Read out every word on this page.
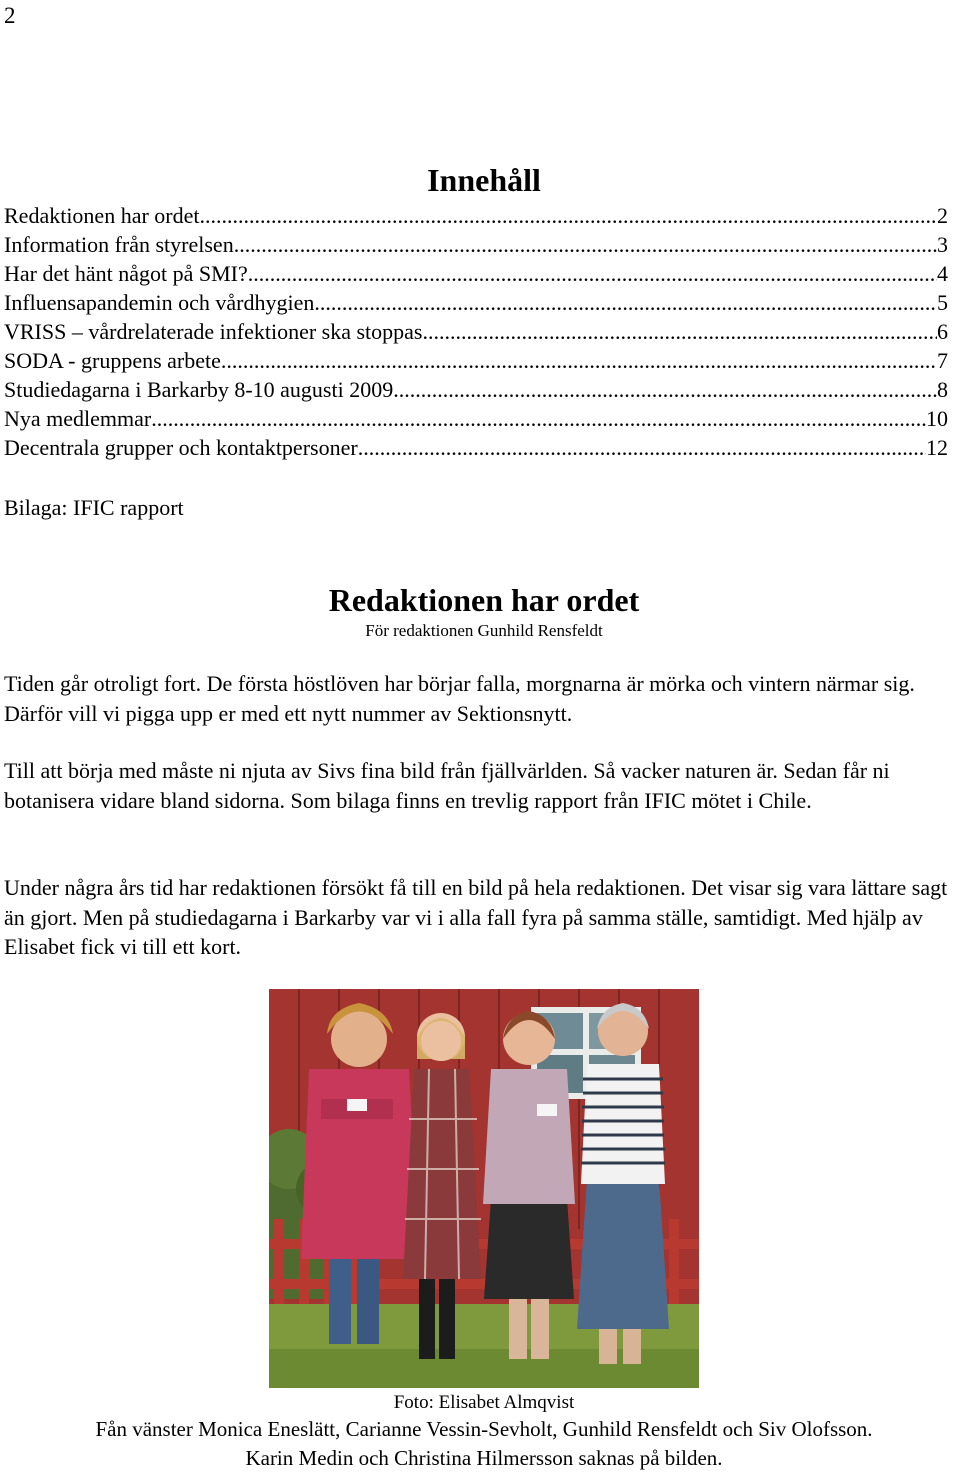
2
Innehåll
Redaktionen har ordet .....	2
Information från styrelsen .....	3
Har det hänt något på SMI? .....	4
Influensapandemin och vårdhygien .....	5
VRISS – vårdrelaterade infektioner ska stoppas .....	6
SODA - gruppens arbete .....	7
Studiedagarna i Barkarby 8-10 augusti 2009 .....	8
Nya medlemmar .....	10
Decentrala grupper och kontaktpersoner .....	12
Bilaga: IFIC rapport
Redaktionen har ordet
För redaktionen Gunhild Rensfeldt
Tiden går otroligt fort. De första höstlöven har börjar falla, morgnarna är mörka och vintern närmar sig. Därför vill vi pigga upp er med ett nytt nummer av Sektionsnytt.
Till att börja med måste ni njuta av Sivs fina bild från fjällvärlden. Så vacker naturen är. Sedan får ni botanisera vidare bland sidorna. Som bilaga finns en trevlig rapport från IFIC mötet i Chile.
Under några års tid har redaktionen försökt få till en bild på hela redaktionen. Det visar sig vara lättare sagt än gjort. Men på studiedagarna i Barkarby var vi i alla fall fyra på samma ställe, samtidigt. Med hjälp av Elisabet fick vi till ett kort.
Foto: Elisabet Almqvist
Fån vänster Monica Eneslätt, Carianne Vessin-Sevholt, Gunhild Rensfeldt och Siv Olofsson.
Karin Medin och Christina Hilmersson saknas på bilden.
